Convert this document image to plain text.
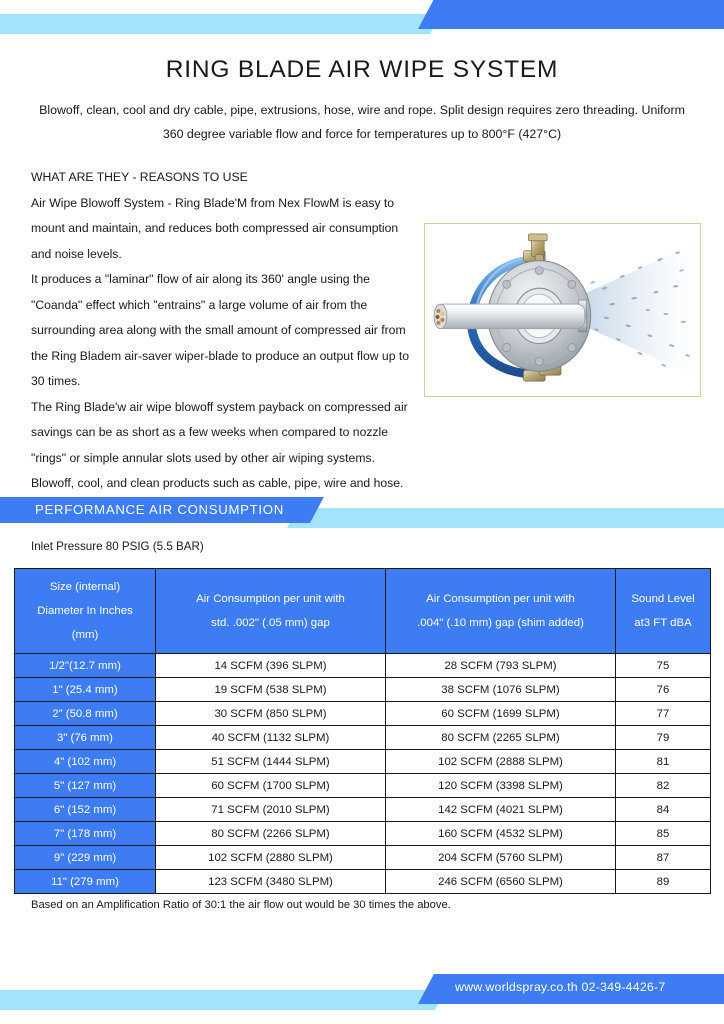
RING BLADE AIR WIPE SYSTEM

Blowoff, clean, cool and dry cable, pipe, extrusions, hose, wire and rope. Split design requires zero threading. Uniform 360 degree variable flow and force for temperatures up to 800°F (427°C)

WHAT ARE THEY - REASONS TO USE

Air Wipe Blowoff System - Ring Blade'M from Nex FlowM is easy to mount and maintain, and reduces both compressed air consumption and noise levels.

It produces a "laminar" flow of air along its 360' angle using the "Coanda" effect which "entrains" a large volume of air from the surrounding area along with the small amount of compressed air from the Ring Bladem air-saver wiper-blade to produce an output flow up to 30 times.

The Ring Blade'w air wipe blowoff system payback on compressed air savings can be as short as a few weeks when compared to nozzle "rings" or simple annular slots used by other air wiping systems. Blowoff, cool, and clean products such as cable, pipe, wire and hose.

PERFORMANCE AIR CONSUMPTION
Inlet Pressure 80 PSIG (5.5 BAR)
Size (internal)
Diameter In Inches
(mm)	Air Consumption per unit with
std. .002" (.05 mm) gap	Air Consumption per unit with
.004" (.10 mm) gap (shim added)	Sound Level
at3 FT dBA

1/2"(12.7 mm)	14 SCFM (396 SLPM)	28 SCFM (793 SLPM)	75
1" (25.4 mm)	19 SCFM (538 SLPM)	38 SCFM (1076 SLPM)	76
2" (50.8 mm)	30 SCFM (850 SLPM)	60 SCFM (1699 SLPM)	77
3" (76 mm)	40 SCFM (1132 SLPM)	80 SCFM (2265 SLPM)	79
4" (102 mm)	51 SCFM (1444 SLPM)	102 SCFM (2888 SLPM)	81
5" (127 mm)	60 SCFM (1700 SLPM)	120 SCFM (3398 SLPM)	82
6" (152 mm)	71 SCFM (2010 SLPM)	142 SCFM (4021 SLPM)	84
7" (178 mm)	80 SCFM (2266 SLPM)	160 SCFM (4532 SLPM)	85
9" (229 mm)	102 SCFM (2880 SLPM)	204 SCFM (5760 SLPM)	87
11" (279 mm)	123 SCFM (3480 SLPM)	246 SCFM (6560 SLPM)	89
Based on an Amplification Ratio of 30:1 the air flow out would be 30 times the above.
www.worldspray.co.th 02-349-4426-7
